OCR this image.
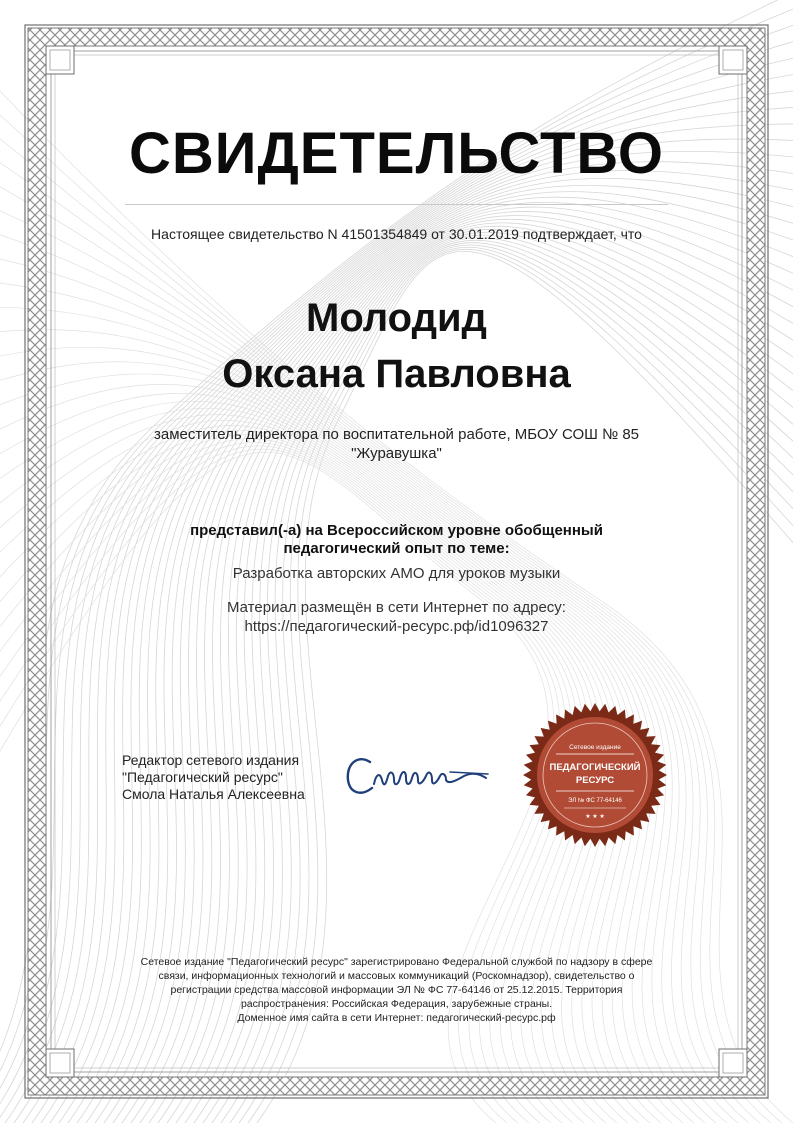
СВИДЕТЕЛЬСТВО
Настоящее свидетельство N 41501354849 от 30.01.2019 подтверждает, что
Молодид
Оксана Павловна
заместитель директора по воспитательной работе, МБОУ СОШ № 85
"Журавушка"
представил(-а) на Всероссийском уровне обобщенный
педагогический опыт по теме:
Разработка авторских АМО для уроков музыки
Материал размещён в сети Интернет по адресу:
https://педагогический-ресурс.рф/id1096327
Редактор сетевого издания
"Педагогический ресурс"
Смола Наталья Алексеевна
Сетевое издание
ПЕДАГОГИЧЕСКИЙ
РЕСУРС
ЭЛ № ФС 77-64146
★ ★ ★
Сетевое издание "Педагогический ресурс" зарегистрировано Федеральной службой по надзору в сфере
связи, информационных технологий и массовых коммуникаций (Роскомнадзор), свидетельство о
регистрации средства массовой информации ЭЛ № ФС 77-64146 от 25.12.2015. Территория
распространения: Российская Федерация, зарубежные страны.
Доменное имя сайта в сети Интернет: педагогический-ресурс.рф
